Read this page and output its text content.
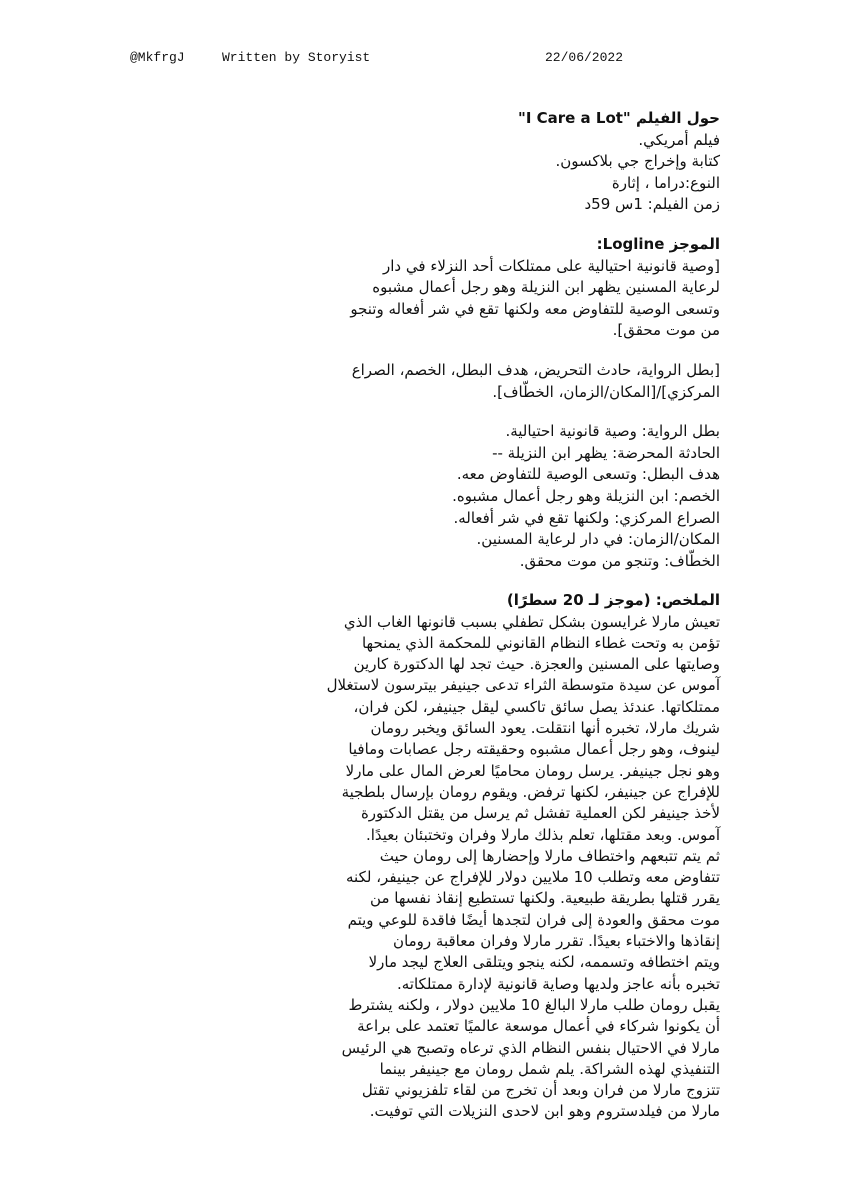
@MkfrgJ	Written by Storyist	22/06/2022
حول الفيلم "I Care a Lot"
فيلم أمريكي.
كتابة وإخراج جي بلاكسون.
النوع:دراما ، إثارة
زمن الفيلم: 1س 59د
الموجز Logline:
[وصية قانونية احتيالية على ممتلكات أحد النزلاء في دار
لرعاية المسنين يظهر ابن النزيلة وهو رجل أعمال مشبوه
وتسعى الوصية للتفاوض معه ولكنها تقع في شر أفعاله وتنجو
من موت محقق].
[بطل الرواية، حادث التحريض، هدف البطل، الخصم، الصراع
المركزي]/[المكان/الزمان، الخطّاف].
بطل الرواية: وصية قانونية احتيالية.
الحادثة المحرضة: يظهر ابن النزيلة --
هدف البطل: وتسعى الوصية للتفاوض معه.
الخصم: ابن النزيلة وهو رجل أعمال مشبوه.
الصراع المركزي: ولكنها تقع في شر أفعاله.
المكان/الزمان: في دار لرعاية المسنين.
الخطّاف: وتنجو من موت محقق.
الملخص: (موجز لـ 20 سطرًا)
تعيش مارلا غرايسون بشكل تطفلي بسبب قانونها الغاب الذي
تؤمن به وتحت غطاء النظام القانوني للمحكمة الذي يمنحها
وصايتها على المسنين والعجزة. حيث تجد لها الدكتورة كارين
آموس عن سيدة متوسطة الثراء تدعى جينيفر بيترسون لاستغلال
ممتلكاتها. عندئذ يصل سائق تاكسي ليقل جينيفر، لكن فران،
شريك مارلا، تخبره أنها انتقلت. يعود السائق ويخبر رومان
لينوف، وهو رجل أعمال مشبوه وحقيقته رجل عصابات ومافيا
وهو نجل جينيفر. يرسل رومان محاميًا لعرض المال على مارلا
للإفراج عن جينيفر، لكنها ترفض. ويقوم رومان بإرسال بلطجية
لأخذ جينيفر لكن العملية تفشل ثم يرسل من يقتل الدكتورة
آموس. وبعد مقتلها، تعلم بذلك مارلا وفران وتختبئان بعيدًا.
ثم يتم تتبعهم واختطاف مارلا وإحضارها إلى رومان حيث
تتفاوض معه وتطلب 10 ملايين دولار للإفراج عن جينيفر، لكنه
يقرر قتلها بطريقة طبيعية. ولكنها تستطيع إنقاذ نفسها من
موت محقق والعودة إلى فران لتجدها أيضًا فاقدة للوعي ويتم
إنقاذها والاختباء بعيدًا. تقرر مارلا وفران معاقبة رومان
ويتم اختطافه وتسممه، لكنه ينجو ويتلقى العلاج ليجد مارلا
تخبره بأنه عاجز ولديها وصاية قانونية لإدارة ممتلكاته.
يقبل رومان طلب مارلا البالغ 10 ملايين دولار ، ولكنه يشترط
أن يكونوا شركاء في أعمال موسعة عالميًا تعتمد على براعة
مارلا في الاحتيال بنفس النظام الذي ترعاه وتصبح هي الرئيس
التنفيذي لهذه الشراكة. يلم شمل رومان مع جينيفر بينما
تتزوج مارلا من فران وبعد أن تخرج من لقاء تلفزيوني تقتل
مارلا من فيلدستروم وهو ابن لاحدى النزيلات التي توفيت.
